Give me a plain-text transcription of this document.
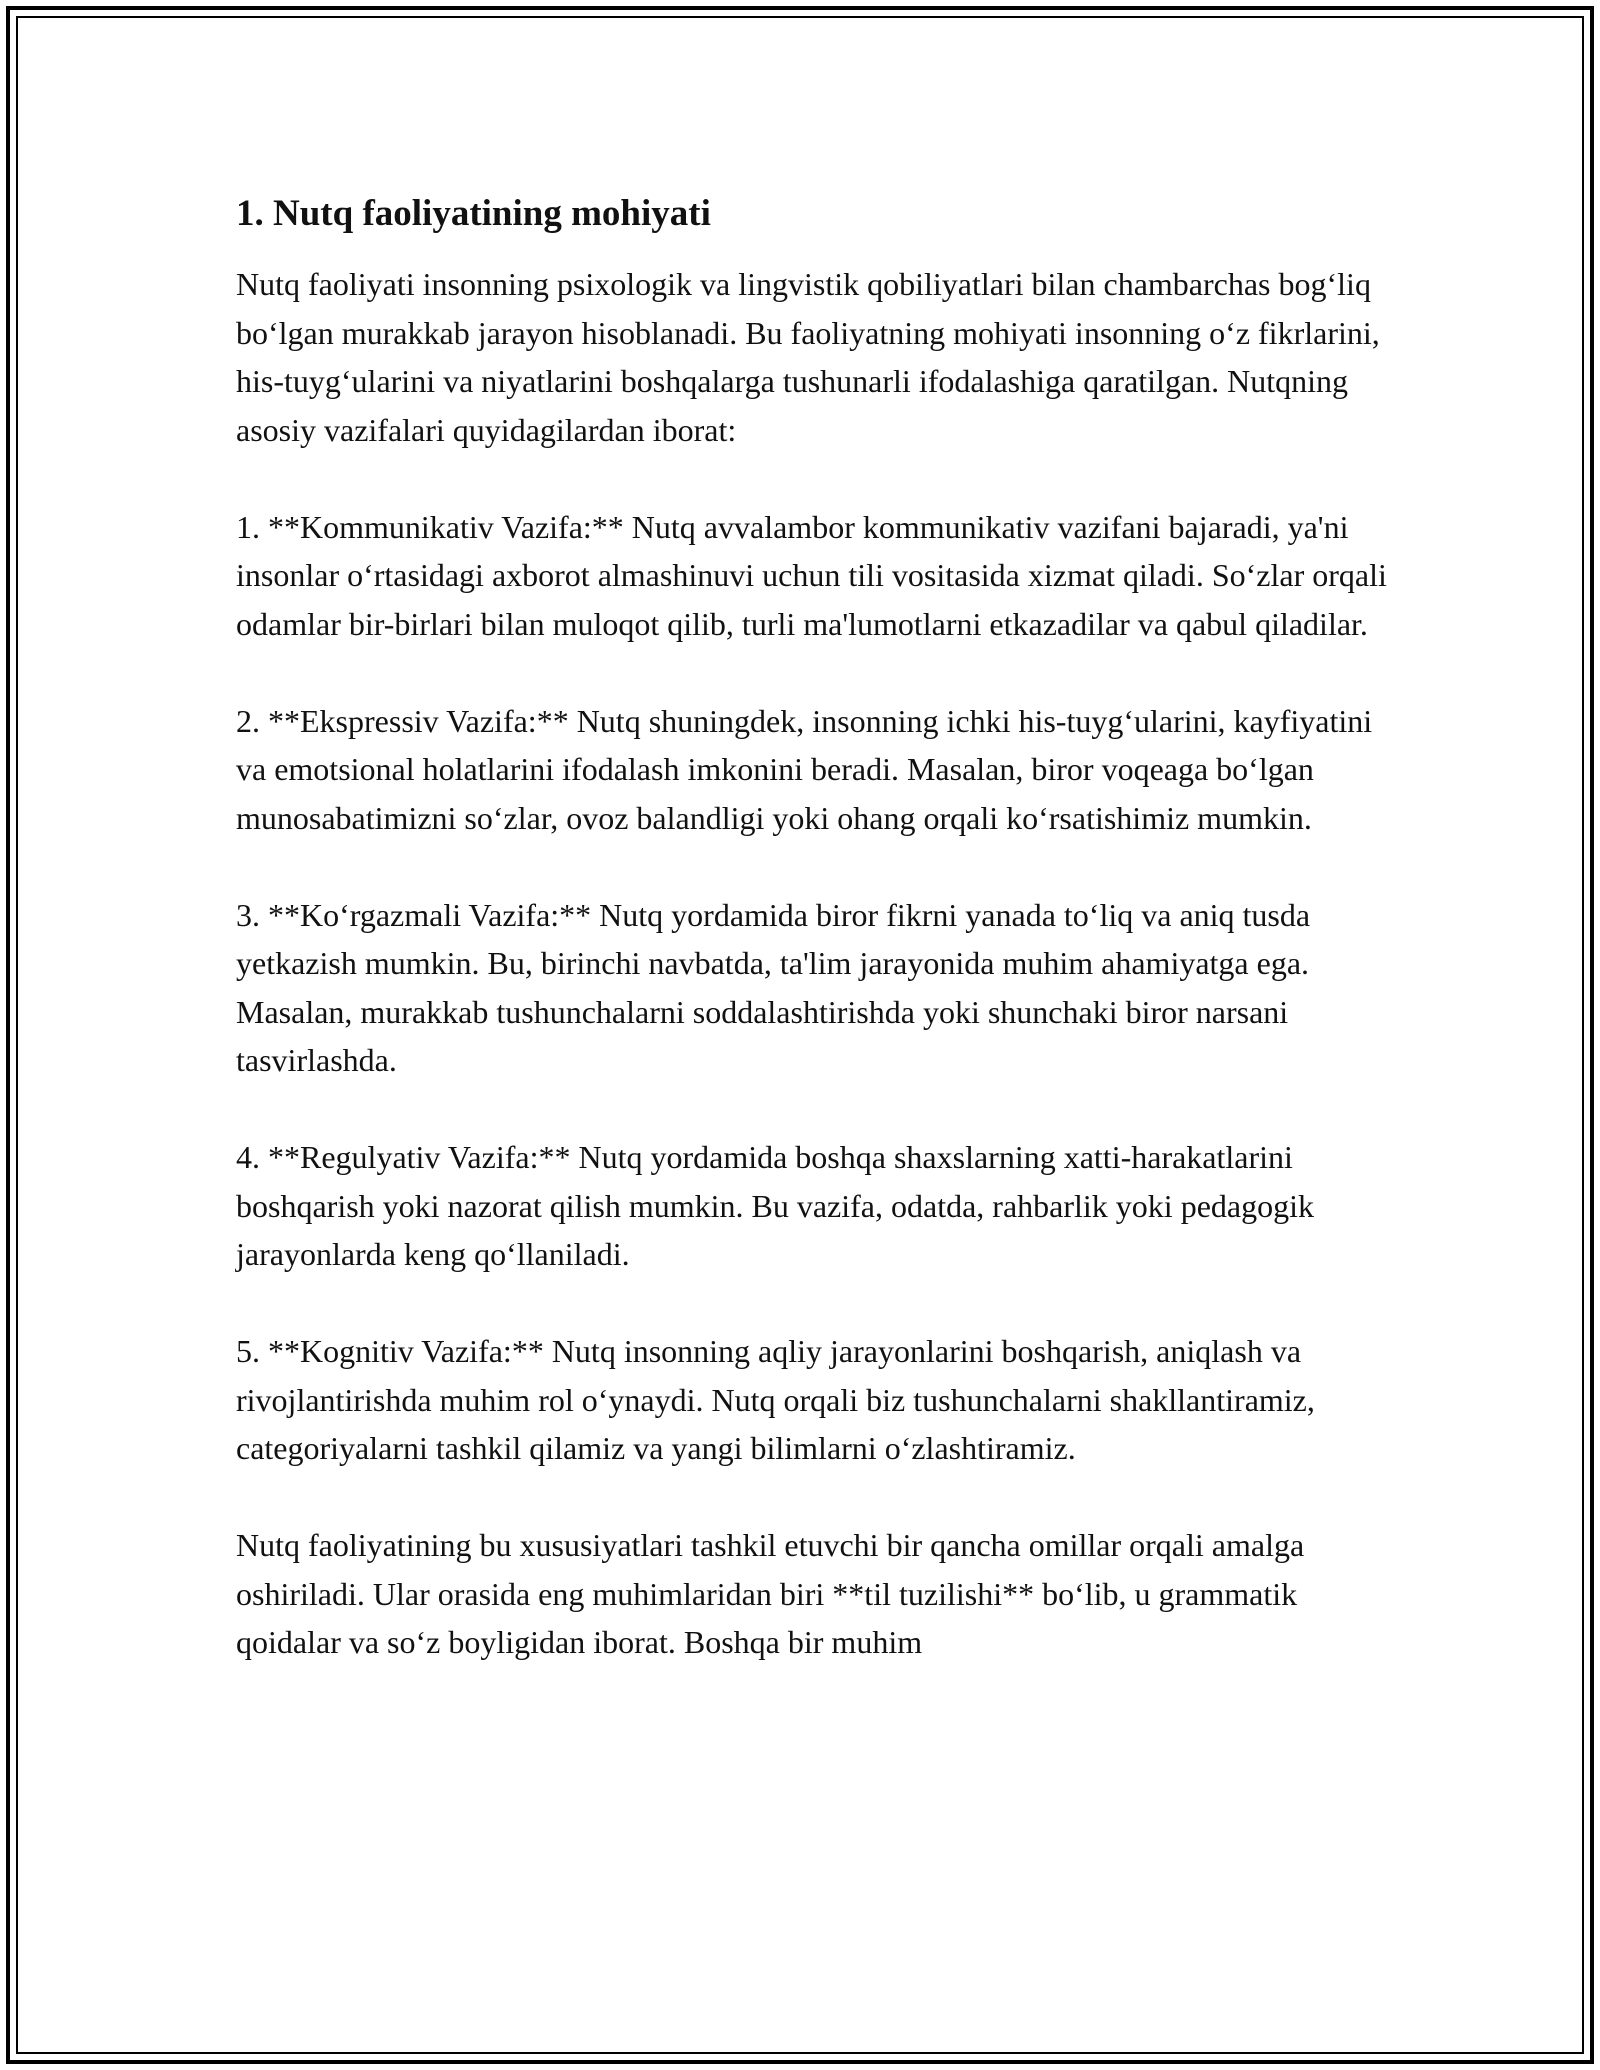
1. Nutq faoliyatining mohiyati

Nutq faoliyati insonning psixologik va lingvistik qobiliyatlari bilan chambarchas bog‘liq bo‘lgan murakkab jarayon hisoblanadi. Bu faoliyatning mohiyati insonning o‘z fikrlarini, his-tuyg‘ularini va niyatlarini boshqalarga tushunarli ifodalashiga qaratilgan. Nutqning asosiy vazifalari quyidagilardan iborat:

1. **Kommunikativ Vazifa:** Nutq avvalambor kommunikativ vazifani bajaradi, ya'ni insonlar o‘rtasidagi axborot almashinuvi uchun tili vositasida xizmat qiladi. So‘zlar orqali odamlar bir-birlari bilan muloqot qilib, turli ma'lumotlarni etkazadilar va qabul qiladilar.

2. **Ekspressiv Vazifa:** Nutq shuningdek, insonning ichki his-tuyg‘ularini, kayfiyatini va emotsional holatlarini ifodalash imkonini beradi. Masalan, biror voqeaga bo‘lgan munosabatimizni so‘zlar, ovoz balandligi yoki ohang orqali ko‘rsatishimiz mumkin.

3. **Ko‘rgazmali Vazifa:** Nutq yordamida biror fikrni yanada to‘liq va aniq tusda yetkazish mumkin. Bu, birinchi navbatda, ta'lim jarayonida muhim ahamiyatga ega. Masalan, murakkab tushunchalarni soddalashtirishda yoki shunchaki biror narsani tasvirlashda.

4. **Regulyativ Vazifa:** Nutq yordamida boshqa shaxslarning xatti-harakatlarini boshqarish yoki nazorat qilish mumkin. Bu vazifa, odatda, rahbarlik yoki pedagogik jarayonlarda keng qo‘llaniladi.

5. **Kognitiv Vazifa:** Nutq insonning aqliy jarayonlarini boshqarish, aniqlash va rivojlantirishda muhim rol o‘ynaydi. Nutq orqali biz tushunchalarni shakllantiramiz, categoriyalarni tashkil qilamiz va yangi bilimlarni o‘zlashtiramiz.

Nutq faoliyatining bu xususiyatlari tashkil etuvchi bir qancha omillar orqali amalga oshiriladi. Ular orasida eng muhimlaridan biri **til tuzilishi** bo‘lib, u grammatik qoidalar va so‘z boyligidan iborat. Boshqa bir muhim
